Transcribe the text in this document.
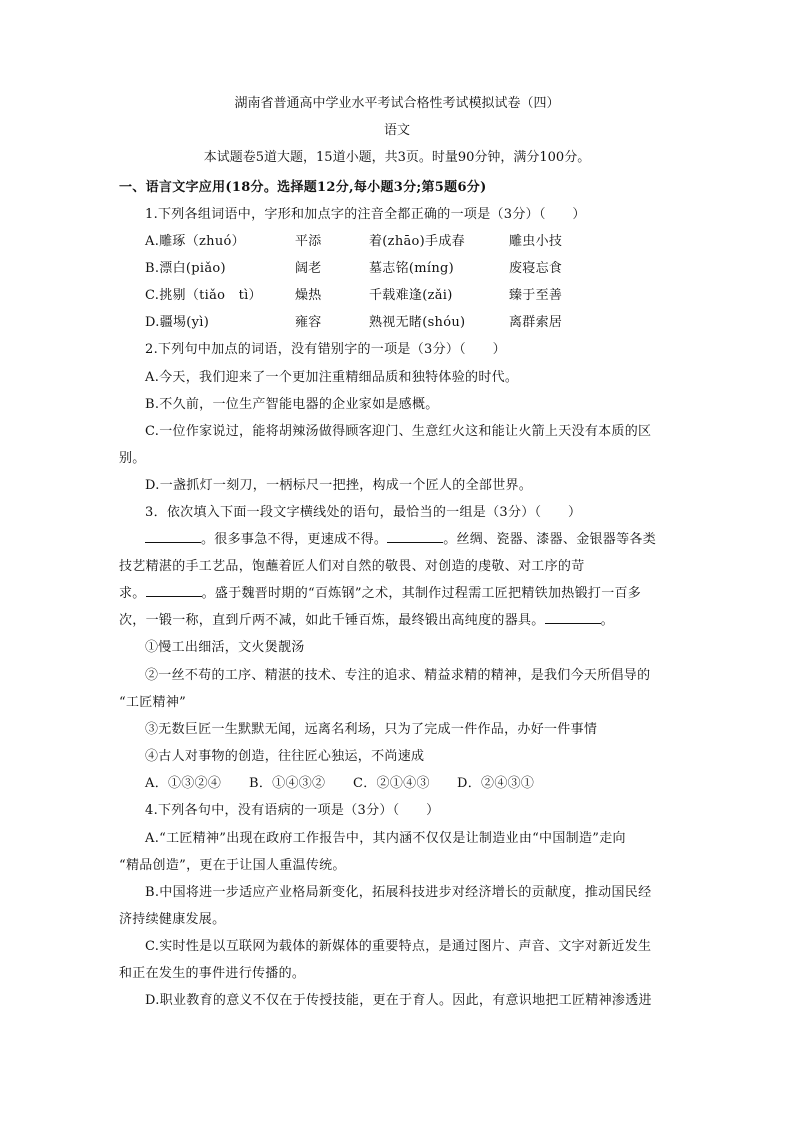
湖南省普通高中学业水平考试合格性考试模拟试卷（四）
语文
本试题卷5道大题，15道小题，共3页。时量90分钟，满分100分。
一、语言文字应用(18分。选择题12分,每小题3分;第5题6分)
1.下列各组词语中，字形和加点字的注音全都正确的一项是（3分）（　　）
A.雕琢（zhuó）	平添	着(zhāo)手成春	雕虫小技
B.漂白(piǎo)	阔老	墓志铭(míng)	废寝忘食
C.挑剔（tiǎo　tì）	燥热	千载难逢(zǎi)	臻于至善
D.疆埸(yì)	雍容	熟视无睹(shóu)	离群索居
2.下列句中加点的词语，没有错别字的一项是（3分）（　　）
A.今天，我们迎来了一个更加注重精细品质和独特体验的时代。
B.不久前，一位生产智能电器的企业家如是感概。
C.一位作家说过，能将胡辣汤做得顾客迎门、生意红火这和能让火箭上天没有本质的区
别。
D.一盏抓灯一刻刀，一柄标尺一把挫，构成一个匠人的全部世界。
3．依次填入下面一段文字横线处的语句，最恰当的一组是（3分）（　　）
。很多事急不得，更速成不得。	。丝绸、瓷器、漆器、金银器等各类
技艺精湛的手工艺品，饱蘸着匠人们对自然的敬畏、对创造的虔敬、对工序的苛
求。	。盛于魏晋时期的“百炼钢”之术，其制作过程需工匠把精铁加热锻打一百多
次，一锻一称，直到斤两不减，如此千锤百炼，最终锻出高纯度的器具。	。
①慢工出细活，文火煲靓汤
②一丝不苟的工序、精湛的技术、专注的追求、精益求精的精神，是我们今天所倡导的
“工匠精神”
③无数巨匠一生默默无闻，远离名利场，只为了完成一件作品，办好一件事情
④古人对事物的创造，往往匠心独运，不尚速成
A．①③②④ B．①④③② C．②①④③ D．②④③①
4.下列各句中，没有语病的一项是（3分）（　　）
A.“工匠精神”出现在政府工作报告中，其内涵不仅仅是让制造业由“中国制造”走向
“精品创造”，更在于让国人重温传统。
B.中国将进一步适应产业格局新变化，拓展科技进步对经济增长的贡献度，推动国民经
济持续健康发展。
C.实时性是以互联网为载体的新媒体的重要特点，是通过图片、声音、文字对新近发生
和正在发生的事件进行传播的。
D.职业教育的意义不仅在于传授技能，更在于育人。因此，有意识地把工匠精神渗透进
